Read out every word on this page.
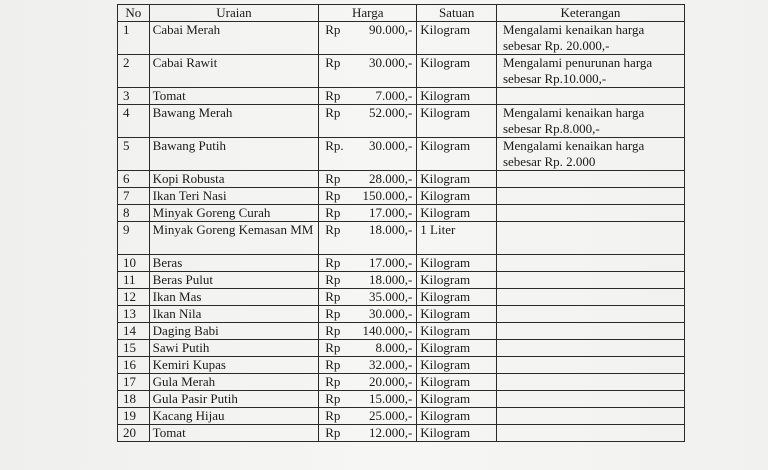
No	Uraian	Harga	Satuan	Keterangan
1	Cabai Merah	Rp 90.000,-	Kilogram	Mengalami kenaikan harga sebesar Rp. 20.000,-
2	Cabai Rawit	Rp 30.000,-	Kilogram	Mengalami penurunan harga sebesar Rp.10.000,-
3	Tomat	Rp 7.000,-	Kilogram	
4	Bawang Merah	Rp 52.000,-	Kilogram	Mengalami kenaikan harga sebesar Rp.8.000,-
5	Bawang Putih	Rp. 30.000,-	Kilogram	Mengalami kenaikan harga sebesar Rp. 2.000
6	Kopi Robusta	Rp 28.000,-	Kilogram	
7	Ikan Teri Nasi	Rp 150.000,-	Kilogram	
8	Minyak Goreng Curah	Rp 17.000,-	Kilogram	
9	Minyak Goreng Kemasan MM	Rp 18.000,-	1 Liter	
10	Beras	Rp 17.000,-	Kilogram	
11	Beras Pulut	Rp 18.000,-	Kilogram	
12	Ikan Mas	Rp 35.000,-	Kilogram	
13	Ikan Nila	Rp 30.000,-	Kilogram	
14	Daging Babi	Rp 140.000,-	Kilogram	
15	Sawi Putih	Rp 8.000,-	Kilogram	
16	Kemiri Kupas	Rp 32.000,-	Kilogram	
17	Gula Merah	Rp 20.000,-	Kilogram	
18	Gula Pasir Putih	Rp 15.000,-	Kilogram	
19	Kacang Hijau	Rp 25.000,-	Kilogram	
20	Tomat	Rp 12.000,-	Kilogram	
